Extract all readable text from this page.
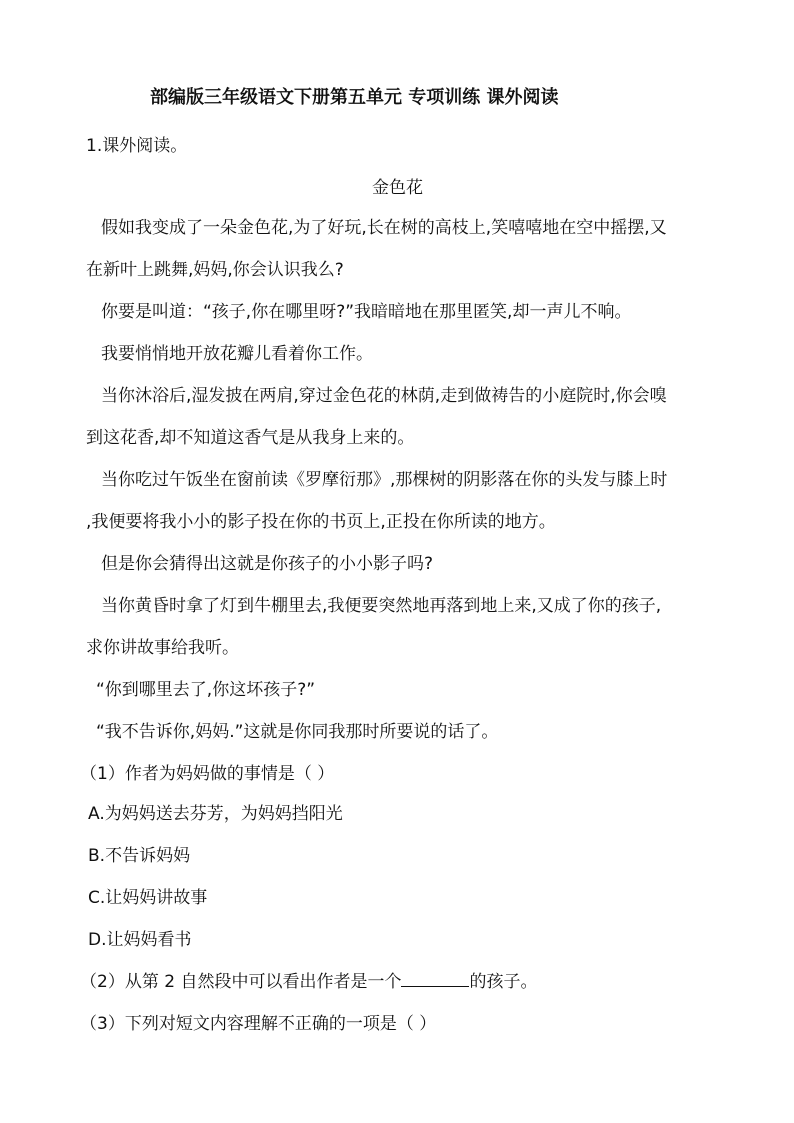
部编版三年级语文下册第五单元 专项训练 课外阅读
1.课外阅读。
金色花
假如我变成了一朵金色花,为了好玩,长在树的高枝上,笑嘻嘻地在空中摇摆,又
在新叶上跳舞,妈妈,你会认识我么?
你要是叫道：“孩子,你在哪里呀?”我暗暗地在那里匿笑,却一声儿不响。
我要悄悄地开放花瓣儿看着你工作。
当你沐浴后,湿发披在两肩,穿过金色花的林荫,走到做祷告的小庭院时,你会嗅
到这花香,却不知道这香气是从我身上来的。
当你吃过午饭坐在窗前读《罗摩衍那》,那棵树的阴影落在你的头发与膝上时
,我便要将我小小的影子投在你的书页上,正投在你所读的地方。
但是你会猜得出这就是你孩子的小小影子吗?
当你黄昏时拿了灯到牛棚里去,我便要突然地再落到地上来,又成了你的孩子,
求你讲故事给我听。
“你到哪里去了,你这坏孩子?”
“我不告诉你,妈妈.”这就是你同我那时所要说的话了。
（1）作者为妈妈做的事情是（ ）
A.为妈妈送去芬芳，为妈妈挡阳光
B.不告诉妈妈
C.让妈妈讲故事
D.让妈妈看书
（2）从第 2 自然段中可以看出作者是一个	的孩子。
（3）下列对短文内容理解不正确的一项是（ ）
